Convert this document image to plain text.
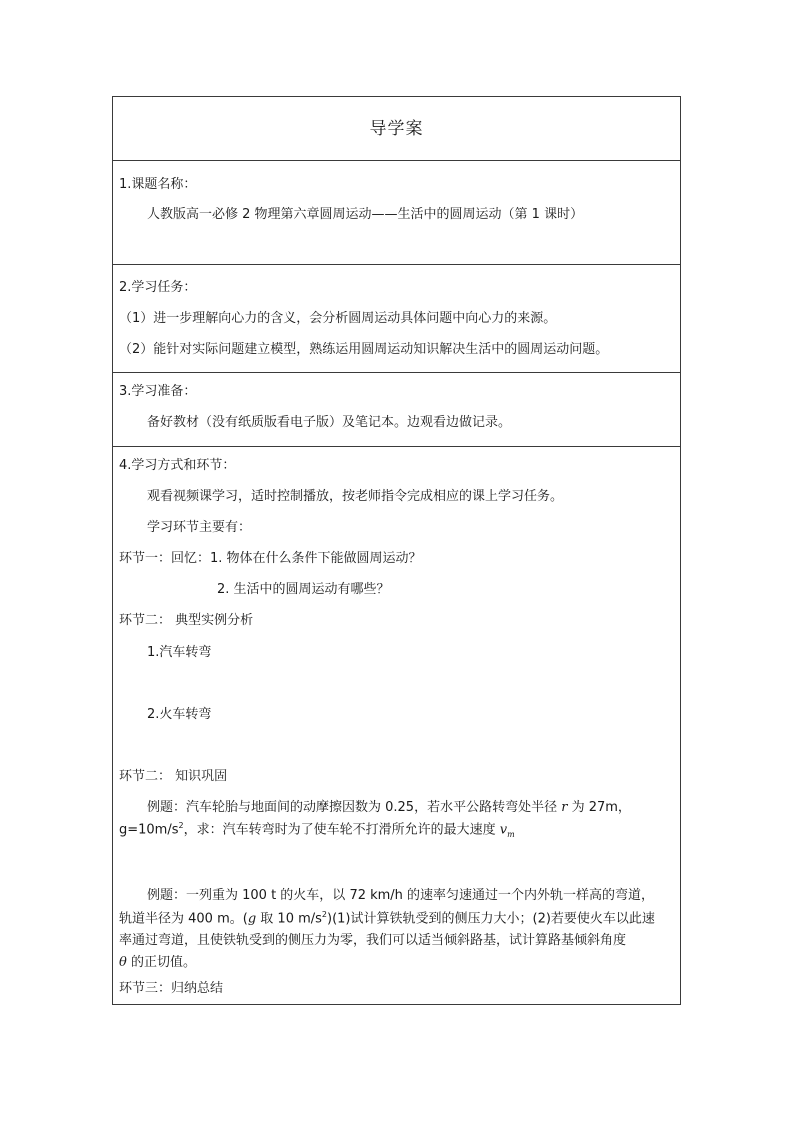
导学案

1.课题名称：
人教版高一必修 2 物理第六章圆周运动——生活中的圆周运动（第 1 课时）

2.学习任务：
（1）进一步理解向心力的含义，会分析圆周运动具体问题中向心力的来源。
（2）能针对实际问题建立模型，熟练运用圆周运动知识解决生活中的圆周运动问题。

3.学习准备：
备好教材（没有纸质版看电子版）及笔记本。边观看边做记录。

4.学习方式和环节：
观看视频课学习，适时控制播放，按老师指令完成相应的课上学习任务。
学习环节主要有：
环节一：回忆：1. 物体在什么条件下能做圆周运动？
2. 生活中的圆周运动有哪些？
环节二： 典型实例分析
1.汽车转弯
2.火车转弯
环节二： 知识巩固
例题：汽车轮胎与地面间的动摩擦因数为 0.25，若水平公路转弯处半径 r 为 27m，
$g=10m/s^2$，求：汽车转弯时为了使车轮不打滑所允许的最大速度 $v_m$
例题：一列重为 100 t 的火车，以 72 km/h 的速率匀速通过一个内外轨一样高的弯道，
轨道半径为 400 m。(g 取 10 $m/s^2)(1)$试计算铁轨受到的侧压力大小；(2)若要使火车以此速
率通过弯道，且使铁轨受到的侧压力为零，我们可以适当倾斜路基，试计算路基倾斜角度
θ 的正切值。
环节三：归纳总结
